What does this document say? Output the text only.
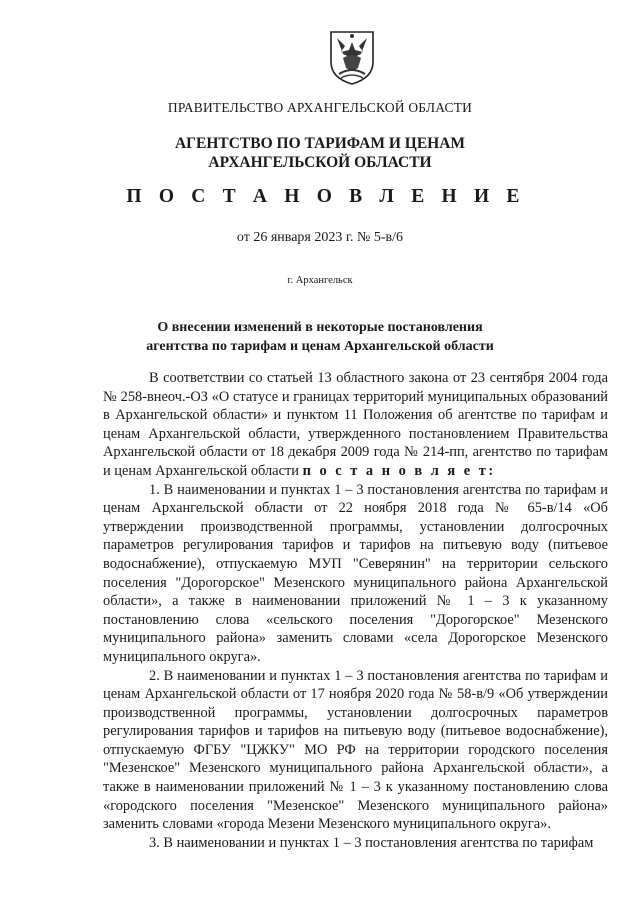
ПРАВИТЕЛЬСТВО АРХАНГЕЛЬСКОЙ ОБЛАСТИ
АГЕНТСТВО ПО ТАРИФАМ И ЦЕНАМ
АРХАНГЕЛЬСКОЙ ОБЛАСТИ
П О С Т А Н О В Л Е Н И Е
от 26 января 2023 г. № 5-в/6
г. Архангельск
О внесении изменений в некоторые постановления
агентства по тарифам и ценам Архангельской области

В соответствии со статьей 13 областного закона от 23 сентября 2004 года № 258-внеоч.-ОЗ «О статусе и границах территорий муниципальных образований в Архангельской области» и пунктом 11 Положения об агентстве по тарифам и ценам Архангельской области, утвержденного постановлением Правительства Архангельской области от 18 декабря 2009 года № 214-пп, агентство по тарифам и ценам Архангельской области п о с т а н о в л я е т:

1. В наименовании и пунктах 1 – 3 постановления агентства по тарифам и ценам Архангельской области от 22 ноября 2018 года № 65-в/14 «Об утверждении производственной программы, установлении долгосрочных параметров регулирования тарифов и тарифов на питьевую воду (питьевое водоснабжение), отпускаемую МУП "Северянин" на территории сельского поселения "Дорогорское" Мезенского муниципального района Архангельской области», а также в наименовании приложений № 1 – 3 к указанному постановлению слова «сельского поселения "Дорогорское" Мезенского муниципального района» заменить словами «села Дорогорское Мезенского муниципального округа».

2. В наименовании и пунктах 1 – 3 постановления агентства по тарифам и ценам Архангельской области от 17 ноября 2020 года № 58-в/9 «Об утверждении производственной программы, установлении долгосрочных параметров регулирования тарифов и тарифов на питьевую воду (питьевое водоснабжение), отпускаемую ФГБУ "ЦЖКУ" МО РФ на территории городского поселения "Мезенское" Мезенского муниципального района Архангельской области», а также в наименовании приложений № 1 – 3 к указанному постановлению слова «городского поселения "Мезенское" Мезенского муниципального района» заменить словами «города Мезени Мезенского муниципального округа».

3. В наименовании и пунктах 1 – 3 постановления агентства по тарифам
